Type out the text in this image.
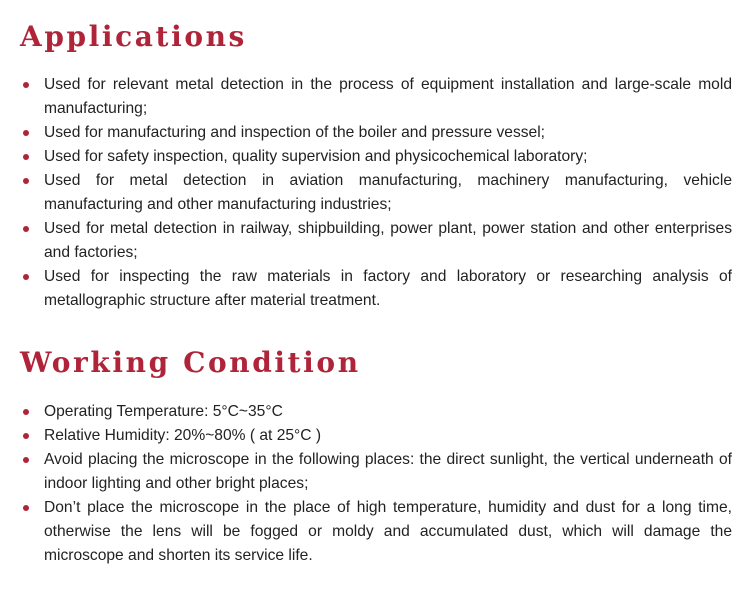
Applications
Used for relevant metal detection in the process of equipment installation and large-scale mold manufacturing;
Used for manufacturing and inspection of the boiler and pressure vessel;
Used for safety inspection, quality supervision and physicochemical laboratory;
Used for metal detection in aviation manufacturing, machinery manufacturing, vehicle manufacturing and other manufacturing industries;
Used for metal detection in railway, shipbuilding, power plant, power station and other enterprises and factories;
Used for inspecting the raw materials in factory and laboratory or researching analysis of metallographic structure after material treatment.
Working Condition
Operating Temperature: 5°C~35°C
Relative Humidity: 20%~80% ( at 25°C )
Avoid placing the microscope in the following places: the direct sunlight, the vertical underneath of indoor lighting and other bright places;
Don’t place the microscope in the place of high temperature, humidity and dust for a long time, otherwise the lens will be fogged or moldy and accumulated dust, which will damage the microscope and shorten its service life.
